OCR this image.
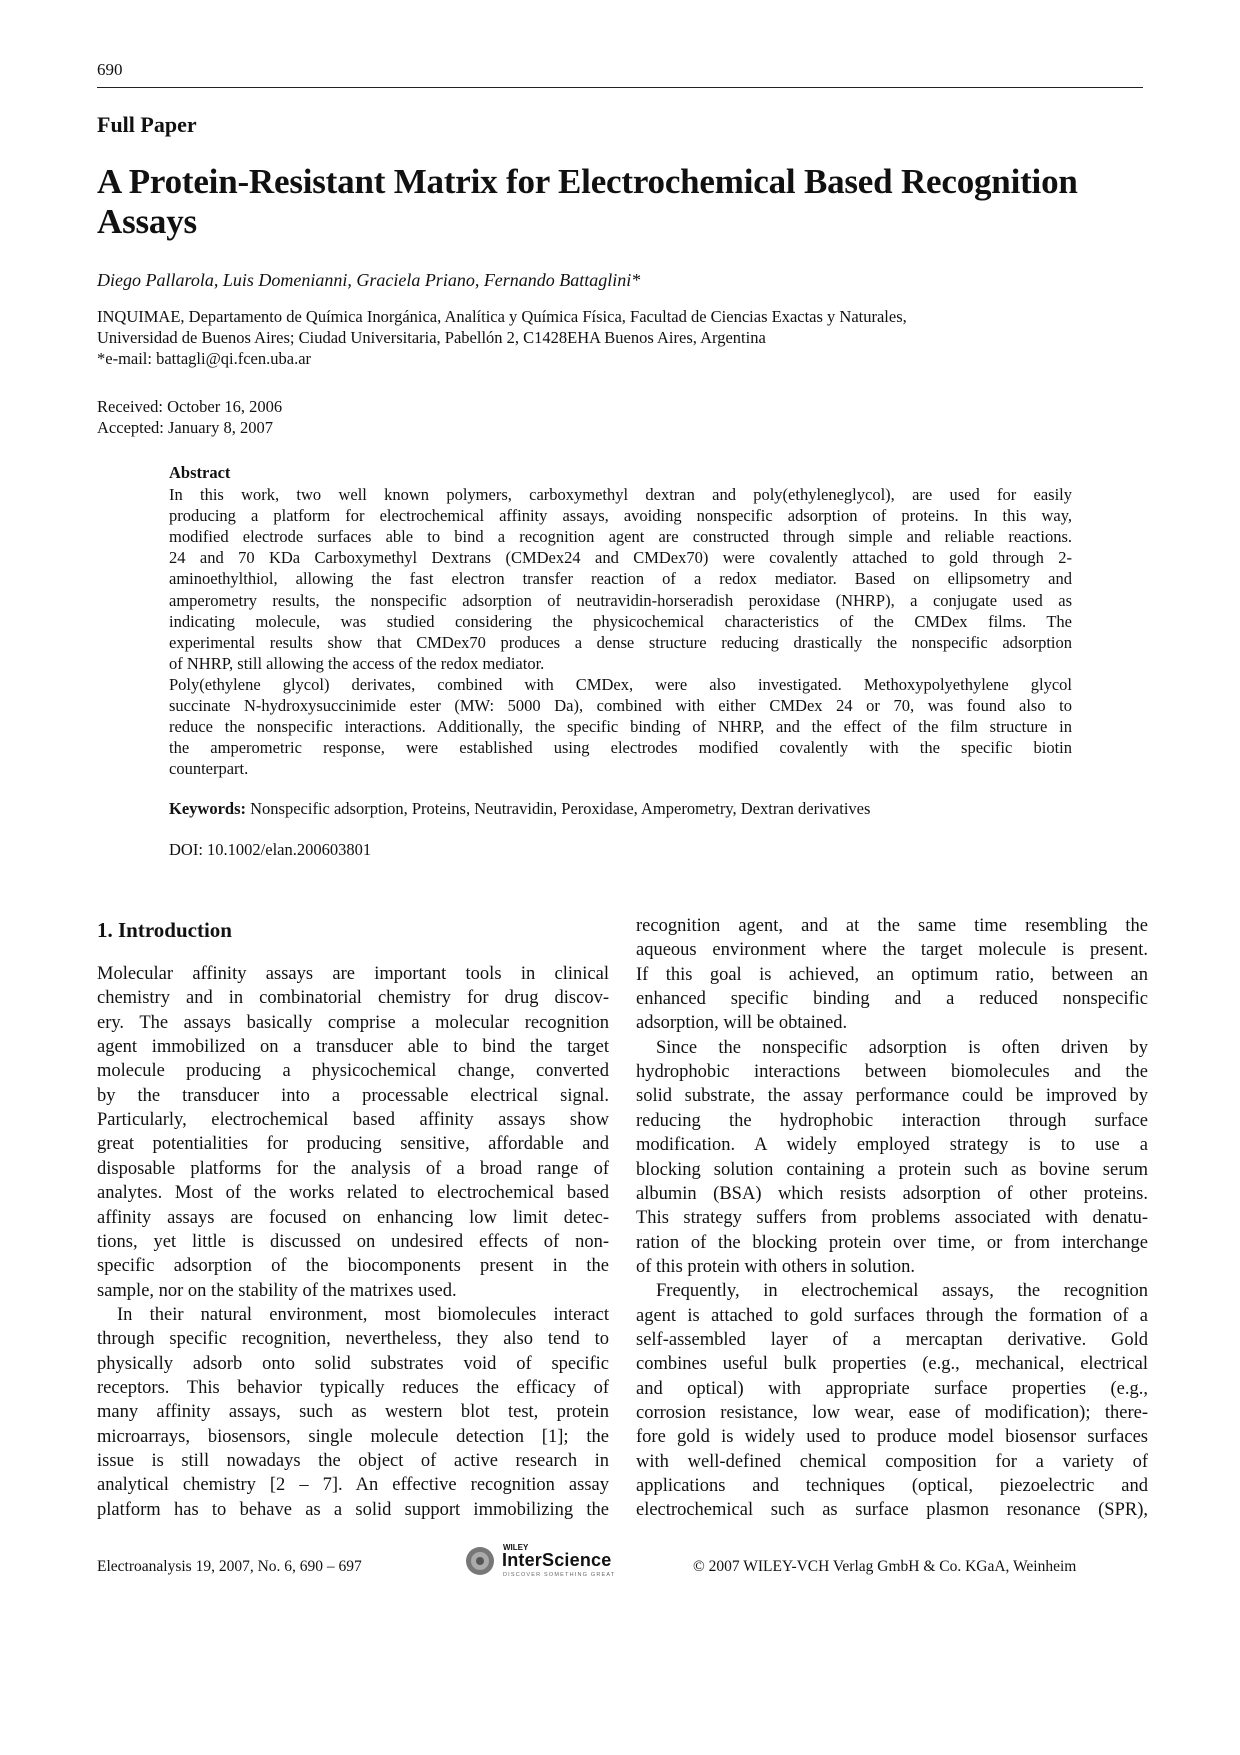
690
Full Paper
A Protein-Resistant Matrix for Electrochemical Based Recognition Assays
Diego Pallarola, Luis Domenianni, Graciela Priano, Fernando Battaglini*
INQUIMAE, Departamento de Química Inorgánica, Analítica y Química Física, Facultad de Ciencias Exactas y Naturales,
Universidad de Buenos Aires; Ciudad Universitaria, Pabellón 2, C1428EHA Buenos Aires, Argentina
*e-mail: battagli@qi.fcen.uba.ar
Received: October 16, 2006
Accepted: January 8, 2007
Abstract
In this work, two well known polymers, carboxymethyl dextran and poly(ethyleneglycol), are used for easily
producing a platform for electrochemical affinity assays, avoiding nonspecific adsorption of proteins. In this way,
modified electrode surfaces able to bind a recognition agent are constructed through simple and reliable reactions.
24 and 70 KDa Carboxymethyl Dextrans (CMDex24 and CMDex70) were covalently attached to gold through 2-
aminoethylthiol, allowing the fast electron transfer reaction of a redox mediator. Based on ellipsometry and
amperometry results, the nonspecific adsorption of neutravidin-horseradish peroxidase (NHRP), a conjugate used as
indicating molecule, was studied considering the physicochemical characteristics of the CMDex films. The
experimental results show that CMDex70 produces a dense structure reducing drastically the nonspecific adsorption
of NHRP, still allowing the access of the redox mediator.
Poly(ethylene glycol) derivates, combined with CMDex, were also investigated. Methoxypolyethylene glycol
succinate N-hydroxysuccinimide ester (MW: 5000 Da), combined with either CMDex 24 or 70, was found also to
reduce the nonspecific interactions. Additionally, the specific binding of NHRP, and the effect of the film structure in
the amperometric response, were established using electrodes modified covalently with the specific biotin
counterpart.
Keywords: Nonspecific adsorption, Proteins, Neutravidin, Peroxidase, Amperometry, Dextran derivatives
DOI: 10.1002/elan.200603801
1. Introduction
Molecular affinity assays are important tools in clinical
chemistry and in combinatorial chemistry for drug discov-
ery. The assays basically comprise a molecular recognition
agent immobilized on a transducer able to bind the target
molecule producing a physicochemical change, converted
by the transducer into a processable electrical signal.
Particularly, electrochemical based affinity assays show
great potentialities for producing sensitive, affordable and
disposable platforms for the analysis of a broad range of
analytes. Most of the works related to electrochemical based
affinity assays are focused on enhancing low limit detec-
tions, yet little is discussed on undesired effects of non-
specific adsorption of the biocomponents present in the
sample, nor on the stability of the matrixes used.
In their natural environment, most biomolecules interact
through specific recognition, nevertheless, they also tend to
physically adsorb onto solid substrates void of specific
receptors. This behavior typically reduces the efficacy of
many affinity assays, such as western blot test, protein
microarrays, biosensors, single molecule detection [1]; the
issue is still nowadays the object of active research in
analytical chemistry [2 – 7]. An effective recognition assay
platform has to behave as a solid support immobilizing the
recognition agent, and at the same time resembling the
aqueous environment where the target molecule is present.
If this goal is achieved, an optimum ratio, between an
enhanced specific binding and a reduced nonspecific
adsorption, will be obtained.
Since the nonspecific adsorption is often driven by
hydrophobic interactions between biomolecules and the
solid substrate, the assay performance could be improved by
reducing the hydrophobic interaction through surface
modification. A widely employed strategy is to use a
blocking solution containing a protein such as bovine serum
albumin (BSA) which resists adsorption of other proteins.
This strategy suffers from problems associated with denatu-
ration of the blocking protein over time, or from interchange
of this protein with others in solution.
Frequently, in electrochemical assays, the recognition
agent is attached to gold surfaces through the formation of a
self-assembled layer of a mercaptan derivative. Gold
combines useful bulk properties (e.g., mechanical, electrical
and optical) with appropriate surface properties (e.g.,
corrosion resistance, low wear, ease of modification); there-
fore gold is widely used to produce model biosensor surfaces
with well-defined chemical composition for a variety of
applications and techniques (optical, piezoelectric and
electrochemical such as surface plasmon resonance (SPR),
Electroanalysis 19, 2007, No. 6, 690 – 697
WILEY
InterScience
DISCOVER SOMETHING GREAT	© 2007 WILEY-VCH Verlag GmbH & Co. KGaA, Weinheim
